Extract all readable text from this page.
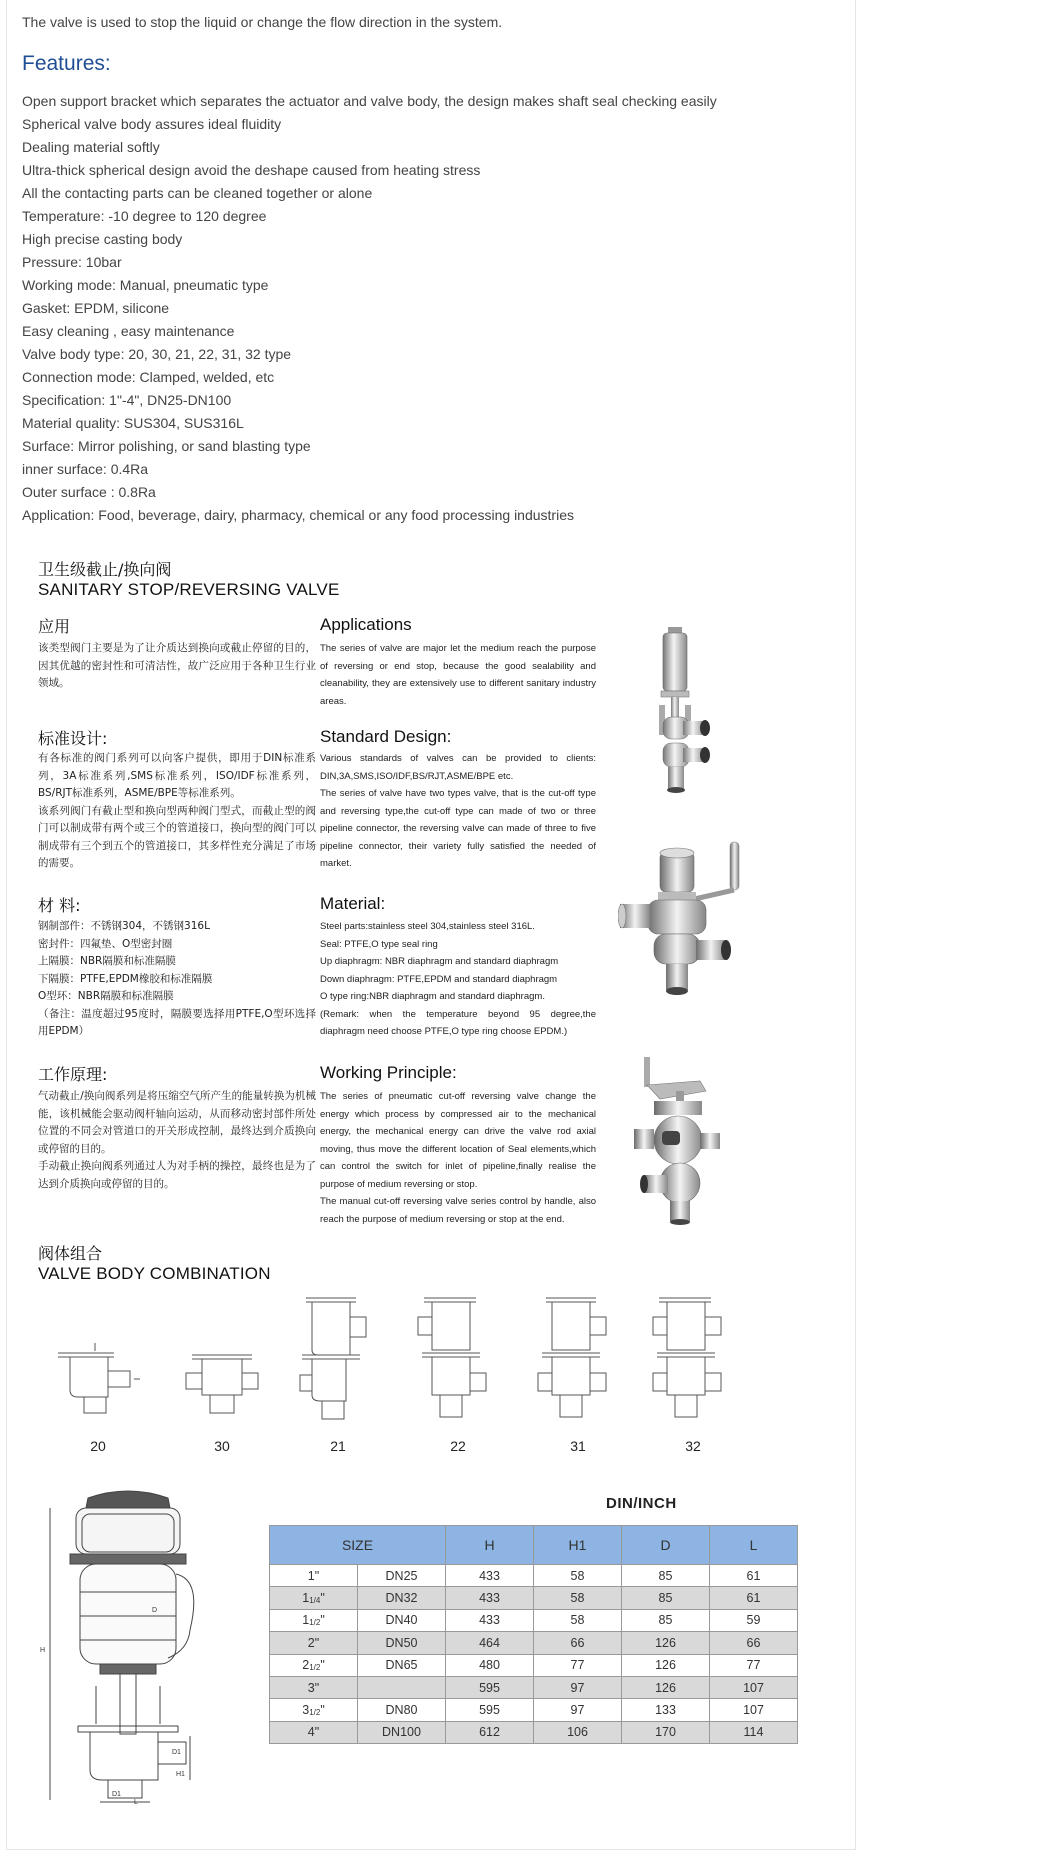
The valve is used to stop the liquid or change the flow direction in the system.
Features:
Open support bracket which separates the actuator and valve body, the design makes shaft seal checking easily
Spherical valve body assures ideal fluidity
Dealing material softly
Ultra-thick spherical design avoid the deshape caused from heating stress
All the contacting parts can be cleaned together or alone
Temperature: -10 degree to 120 degree
High precise casting body
Pressure: 10bar
Working mode: Manual, pneumatic type
Gasket: EPDM, silicone
Easy cleaning , easy maintenance
Valve body type: 20, 30, 21, 22, 31, 32 type
Connection mode: Clamped, welded, etc
Specification: 1"-4", DN25-DN100
Material quality: SUS304, SUS316L
Surface: Mirror polishing, or sand blasting type
inner surface: 0.4Ra
Outer surface : 0.8Ra
Application: Food, beverage, dairy, pharmacy, chemical or any food processing industries
卫生级截止/换向阀
SANITARY STOP/REVERSING VALVE
应用	Applications

该类型阀门主要是为了让介质达到换向或截止停留的目的，因其优越的密封性和可清洁性，故广泛应用于各种卫生行业领域。

The series of valve are major let the medium reach the purpose of reversing or end stop, because the good sealability and cleanability, they are extensively use to different sanitary industry areas.

标准设计:	Standard Design:

有各标准的阀门系列可以向客户提供，即用于DIN标准系列，3A标准系列,SMS标准系列，ISO/IDF标准系列，BS/RJT标准系列，ASME/BPE等标准系列。

该系列阀门有截止型和换向型两种阀门型式，而截止型的阀门可以制成带有两个或三个的管道接口，换向型的阀门可以制成带有三个到五个的管道接口，其多样性充分满足了市场的需要。

Various standards of valves can be provided to clients: DIN,3A,SMS,ISO/IDF,BS/RJT,ASME/BPE etc.

The series of valve have two types valve, that is the cut-off type and reversing type,the cut-off type can made of two or three pipeline connector, the reversing valve can made of three to five pipeline connector, their variety fully satisfied the needed of market.

材 料:	Material:

钢制部件：不锈钢304，不锈钢316L

密封件：四氟垫、O型密封圈

上隔膜：NBR隔膜和标准隔膜

下隔膜：PTFE,EPDM橡胶和标准隔膜

O型环：NBR隔膜和标准隔膜

（备注：温度超过95度时，隔膜要选择用PTFE,O型环选择用EPDM）

Steel parts:stainless steel 304,stainless steel 316L.

Seal: PTFE,O type seal ring

Up diaphragm: NBR diaphragm and standard diaphragm

Down diaphragm: PTFE,EPDM and standard diaphragm

O type ring:NBR diaphragm and standard diaphragm.

(Remark: when the temperature beyond 95 degree,the diaphragm need choose PTFE,O type ring choose EPDM.)

工作原理:	Working Principle:

气动截止/换向阀系列是将压缩空气所产生的能量转换为机械能，该机械能会驱动阀杆轴向运动，从而移动密封部件所处位置的不同会对管道口的开关形成控制，最终达到介质换向或停留的目的。

手动截止换向阀系列通过人为对手柄的操控，最终也是为了达到介质换向或停留的目的。

The series of pneumatic cut-off reversing valve change the energy which process by compressed air to the mechanical energy, the mechanical energy can drive the valve rod axial moving, thus move the different location of Seal elements,which can control the switch for inlet of pipeline,finally realise the purpose of medium reversing or stop.

The manual cut-off reversing valve series control by handle, also reach the purpose of medium reversing or stop at the end.

阀体组合
VALVE BODY COMBINATION
20	30	21	22	31	32
H
D
D1
H1
D1
L
DIN/INCH
SIZE		H	H1	D	L
1"	DN25	433	58	85	61
11/4"	DN32	433	58	85	61
11/2"	DN40	433	58	85	59
2"	DN50	464	66	126	66
21/2"	DN65	480	77	126	77
3"		595	97	126	107
31/2"	DN80	595	97	133	107
4"	DN100	612	106	170	114
